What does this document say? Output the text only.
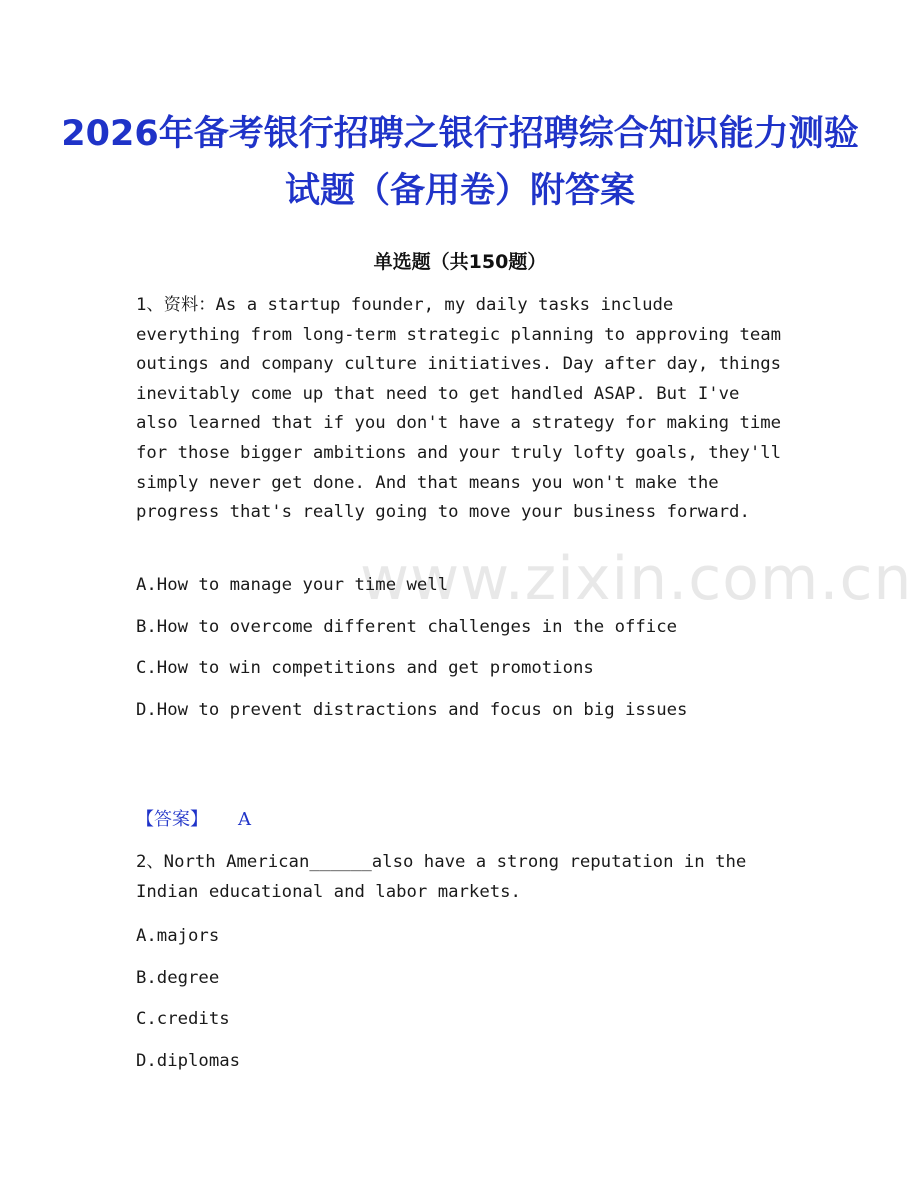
2026年备考银行招聘之银行招聘综合知识能力测验试题（备用卷）附答案
单选题（共150题）
www.zixin.com.cn
1、资料：As a startup founder, my daily tasks include everything from long-term strategic planning to approving team outings and company culture initiatives. Day after day, things inevitably come up that need to get handled ASAP. But I've also learned that if you don't have a strategy for making time for those bigger ambitions and your truly lofty goals, they'll simply never get done. And that means you won't make the progress that's really going to move your business forward.
A.How to manage your time well
B.How to overcome different challenges in the office
C.How to win competitions and get promotions
D.How to prevent distractions and focus on big issues
【答案】 A
2、North American______also have a strong reputation in the Indian educational and labor markets.
A.majors
B.degree
C.credits
D.diplomas
